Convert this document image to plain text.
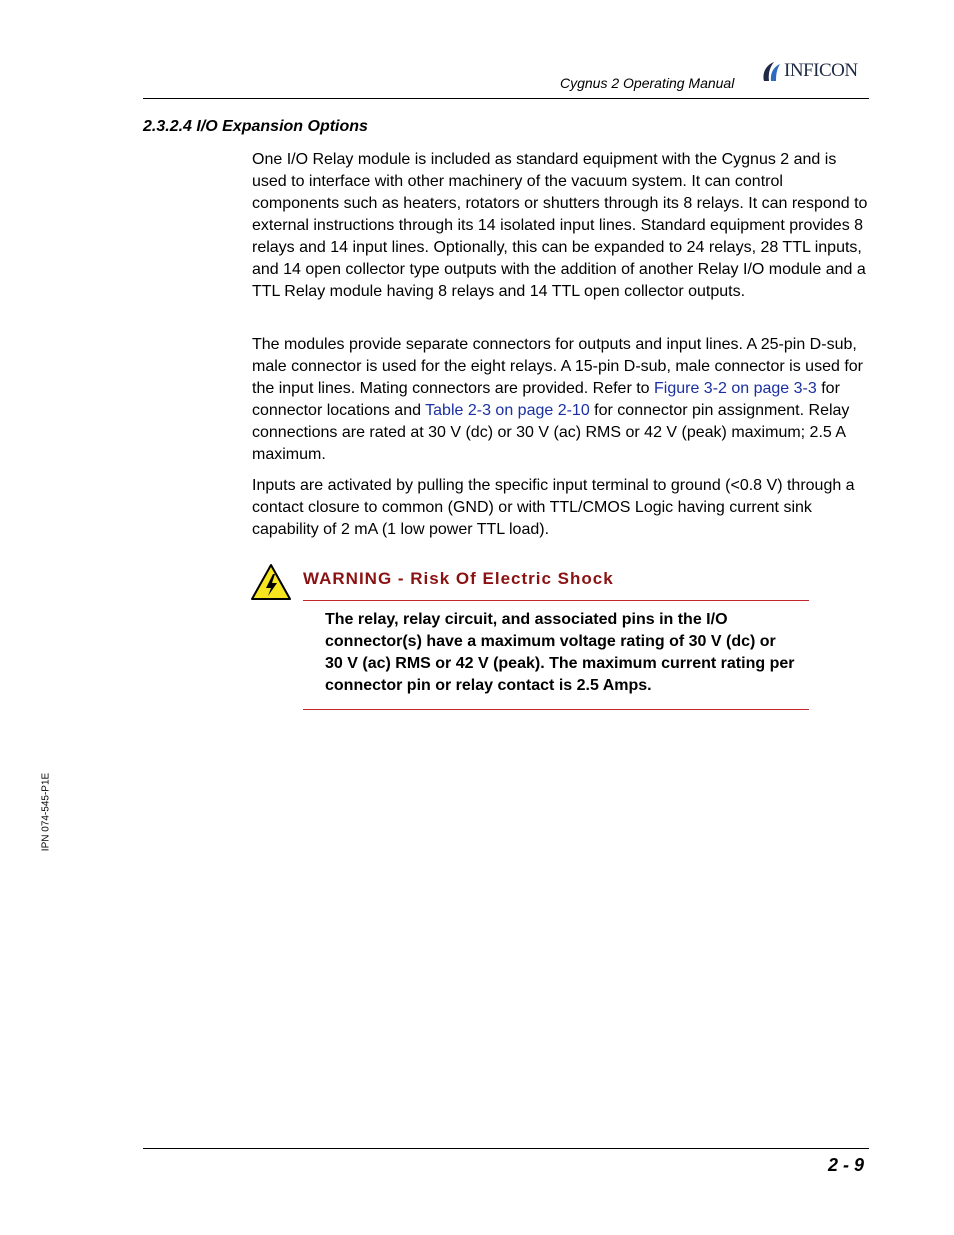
Cygnus 2 Operating Manual
INFICON
2.3.2.4 I/O Expansion Options
One I/O Relay module is included as standard equipment with the Cygnus 2 and is used to interface with other machinery of the vacuum system. It can control components such as heaters, rotators or shutters through its 8 relays. It can respond to external instructions through its 14 isolated input lines. Standard equipment provides 8 relays and 14 input lines. Optionally, this can be expanded to 24 relays, 28 TTL inputs, and 14 open collector type outputs with the addition of another Relay I/O module and a TTL Relay module having 8 relays and 14 TTL open collector outputs.
The modules provide separate connectors for outputs and input lines. A 25-pin D-sub, male connector is used for the eight relays. A 15-pin D-sub, male connector is used for the input lines. Mating connectors are provided. Refer to Figure 3-2 on page 3-3 for connector locations and Table 2-3 on page 2-10 for connector pin assignment. Relay connections are rated at 30 V (dc) or 30 V (ac) RMS or 42 V (peak) maximum; 2.5 A maximum.
Inputs are activated by pulling the specific input terminal to ground (<0.8 V) through a contact closure to common (GND) or with TTL/CMOS Logic having current sink capability of 2 mA (1 low power TTL load).
WARNING - Risk Of Electric Shock
The relay, relay circuit, and associated pins in the I/O connector(s) have a maximum voltage rating of 30 V (dc) or 30 V (ac) RMS or 42 V (peak). The maximum current rating per connector pin or relay contact is 2.5 Amps.
IPN 074-545-P1E
2 - 9
